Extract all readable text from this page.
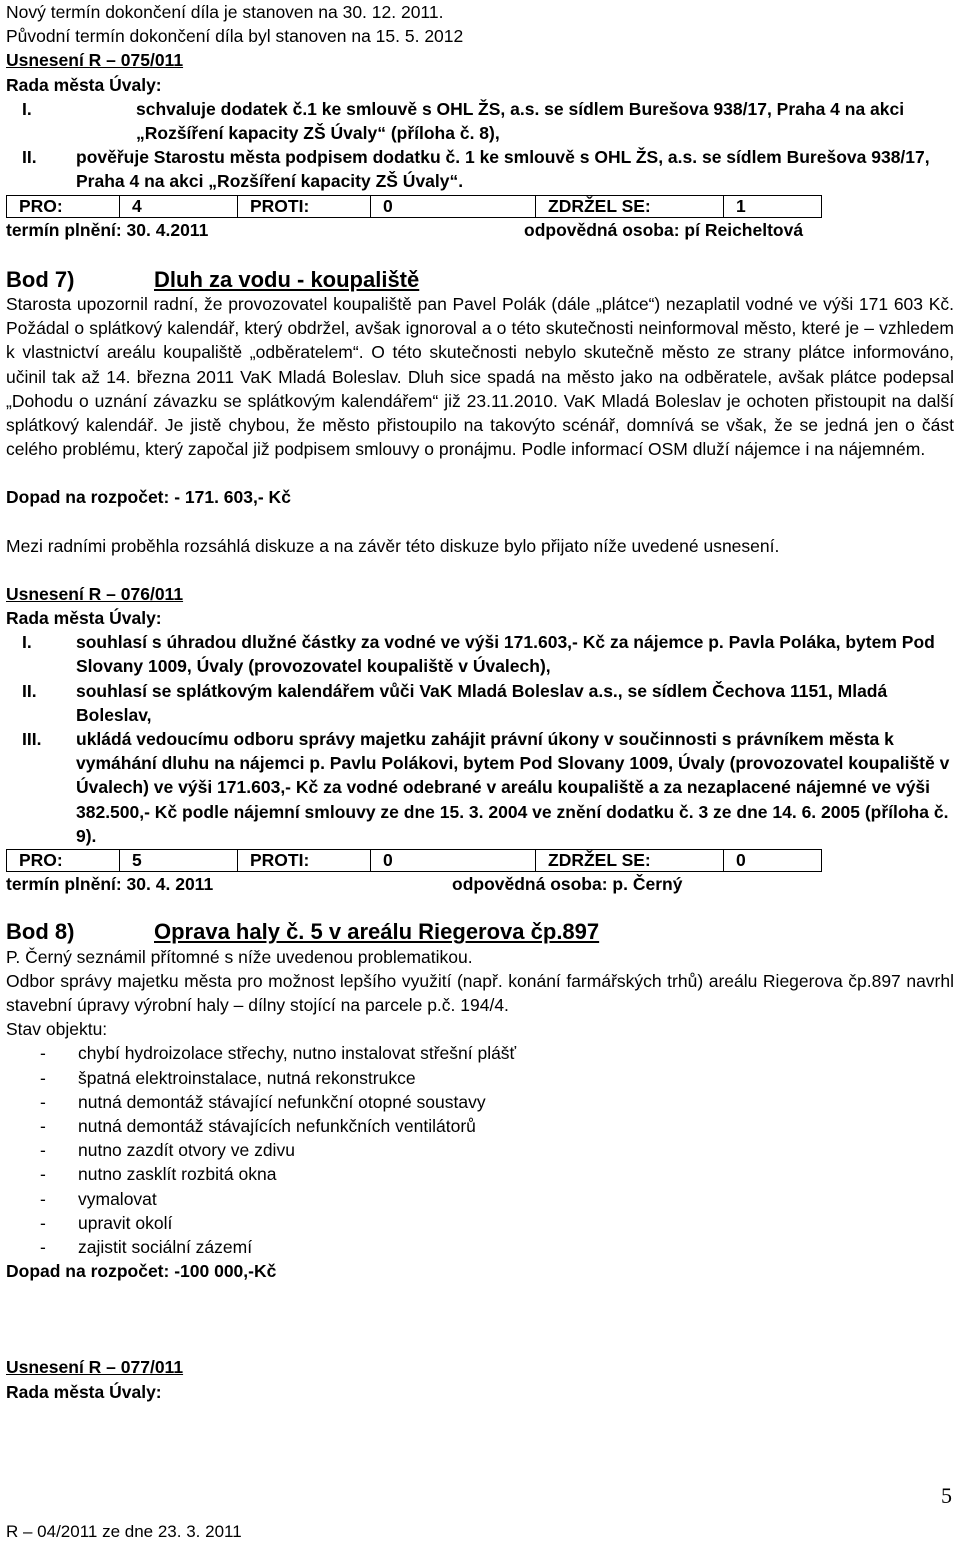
Nový termín dokončení díla je stanoven na 30. 12. 2011.
Původní termín dokončení díla byl stanoven na 15. 5. 2012
Usnesení R – 075/011
Rada města Úvaly:
I.	schvaluje dodatek č.1 ke smlouvě s OHL ŽS, a.s. se sídlem Burešova 938/17, Praha 4 na akci „Rozšíření kapacity ZŠ Úvaly“ (příloha č. 8),
II.	pověřuje Starostu města podpisem dodatku č. 1 ke smlouvě s OHL ŽS, a.s. se sídlem Burešova 938/17, Praha 4 na akci „Rozšíření kapacity ZŠ Úvaly“.
PRO:	4	PROTI:	0	ZDRŽEL SE:	1
termín plnění: 30. 4.2011	odpovědná osoba: pí Reicheltová
Bod 7)	Dluh za vodu - koupaliště
Starosta upozornil radní, že provozovatel koupaliště pan Pavel Polák (dále „plátce“) nezaplatil vodné ve výši 171 603 Kč. Požádal o splátkový kalendář, který obdržel, avšak ignoroval a o této skutečnosti neinformoval město, které je – vzhledem k vlastnictví areálu koupaliště „odběratelem“. O této skutečnosti nebylo skutečně město ze strany plátce informováno, učinil tak až 14. března 2011 VaK Mladá Boleslav. Dluh sice spadá na město jako na odběratele, avšak plátce podepsal „Dohodu o uznání závazku se splátkovým kalendářem“ již 23.11.2010. VaK Mladá Boleslav je ochoten přistoupit na další splátkový kalendář. Je jistě chybou, že město přistoupilo na takovýto scénář, domnívá se však, že se jedná jen o část celého problému, který započal již podpisem smlouvy o pronájmu. Podle informací OSM dluží nájemce i na nájemném.
Dopad na rozpočet: - 171. 603,- Kč
Mezi radními proběhla rozsáhlá diskuze a na závěr této diskuze bylo přijato níže uvedené usnesení.
Usnesení R – 076/011
Rada města Úvaly:
I.	souhlasí s úhradou dlužné částky za vodné ve výši 171.603,- Kč za nájemce p. Pavla Poláka, bytem Pod Slovany 1009, Úvaly (provozovatel koupaliště v Úvalech),
II.	souhlasí se splátkovým kalendářem vůči VaK Mladá Boleslav a.s., se sídlem Čechova 1151, Mladá Boleslav,
III.	ukládá vedoucímu odboru správy majetku zahájit právní úkony v součinnosti s právníkem města k vymáhání dluhu na nájemci p. Pavlu Polákovi, bytem Pod Slovany 1009, Úvaly (provozovatel koupaliště v Úvalech) ve výši 171.603,- Kč za vodné odebrané v areálu koupaliště a za nezaplacené nájemné ve výši 382.500,- Kč podle nájemní smlouvy ze dne 15. 3. 2004 ve znění dodatku č. 3 ze dne 14. 6. 2005 (příloha č. 9).
PRO:	5	PROTI:	0	ZDRŽEL SE:	0
termín plnění: 30. 4. 2011	odpovědná osoba: p. Černý
Bod 8)	Oprava haly č. 5 v areálu Riegerova čp.897
P. Černý seznámil přítomné s níže uvedenou problematikou.
Odbor správy majetku města pro možnost lepšího využití (např. konání farmářských trhů) areálu Riegerova čp.897 navrhl stavební úpravy výrobní haly – dílny stojící na parcele p.č. 194/4.
Stav objektu:
-	chybí hydroizolace střechy, nutno instalovat střešní plášť
-	špatná elektroinstalace, nutná rekonstrukce
-	nutná demontáž stávající nefunkční otopné soustavy
-	nutná demontáž stávajících nefunkčních ventilátorů
-	nutno zazdít otvory ve zdivu
-	nutno zasklít rozbitá okna
-	vymalovat
-	upravit okolí
-	zajistit sociální zázemí
Dopad na rozpočet: -100 000,-Kč
Usnesení R – 077/011
Rada města Úvaly:
5
R – 04/2011 ze dne 23. 3. 2011
